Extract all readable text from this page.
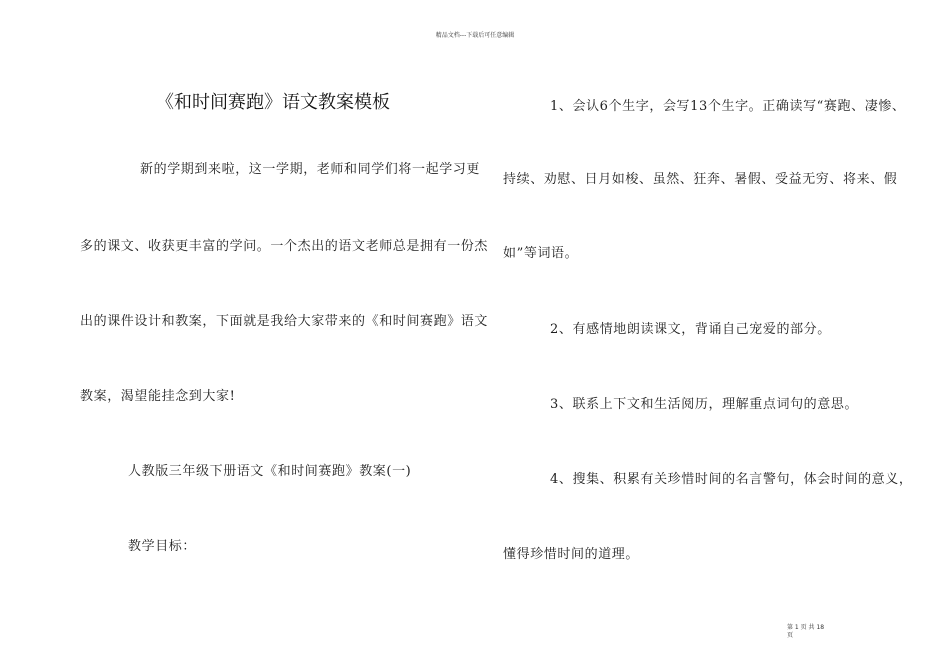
精品文档---下载后可任意编辑
《和时间赛跑》语文教案模板
新的学期到来啦，这一学期，老师和同学们将一起学习更
多的课文、收获更丰富的学问。一个杰出的语文老师总是拥有一份杰
出的课件设计和教案，下面就是我给大家带来的《和时间赛跑》语文
教案，渴望能挂念到大家!
人教版三年级下册语文《和时间赛跑》教案(一)
教学目标：
1、会认6个生字，会写13个生字。正确读写“赛跑、凄惨、
持续、劝慰、日月如梭、虽然、狂奔、暑假、受益无穷、将来、假
如”等词语。
2、有感情地朗读课文，背诵自己宠爱的部分。
3、联系上下文和生活阅历，理解重点词句的意思。
4、搜集、积累有关珍惜时间的名言警句，体会时间的意义，
懂得珍惜时间的道理。
第 1 页 共 18
页
